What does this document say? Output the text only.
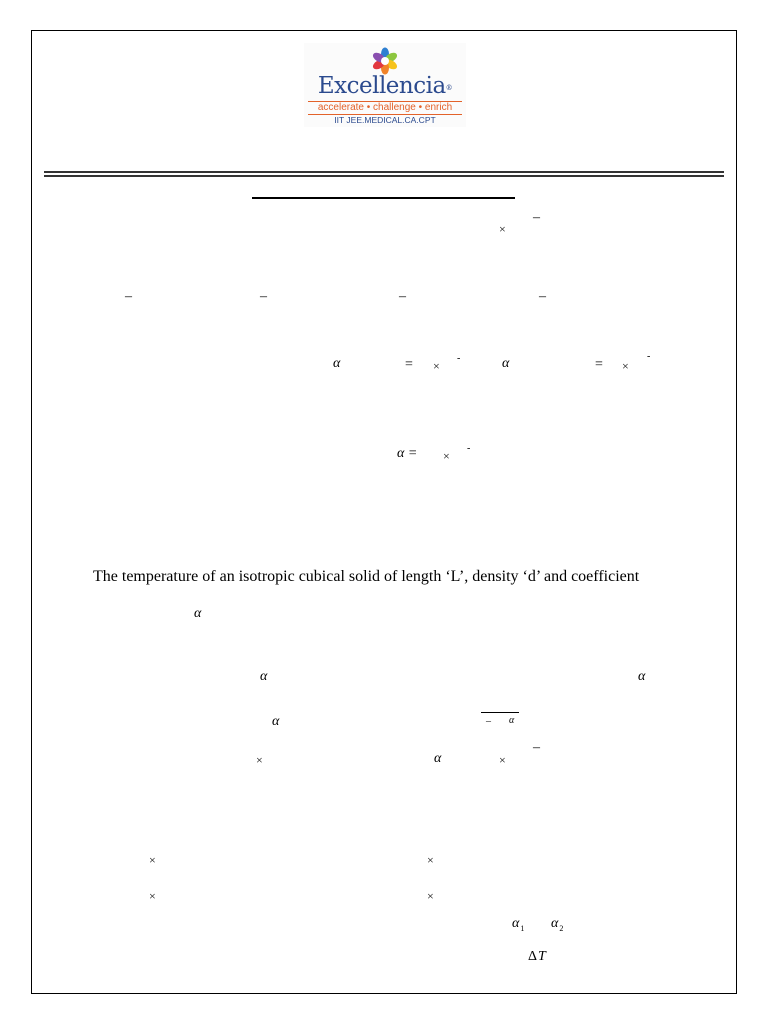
Excellencia®
accelerate • challenge • enrich
IIT JEE.MEDICAL.CA.CPT
×
–
–	–	–	–
α	= ×
-	α	= ×
-
α = ×
-
The temperature of an isotropic cubical solid of length ‘L’, density ‘d’ and coefficient
α
α	α
α	– α
×	α	×
–
×	×
×	×
$\alpha_1$ $\alpha_2$
Δ T
